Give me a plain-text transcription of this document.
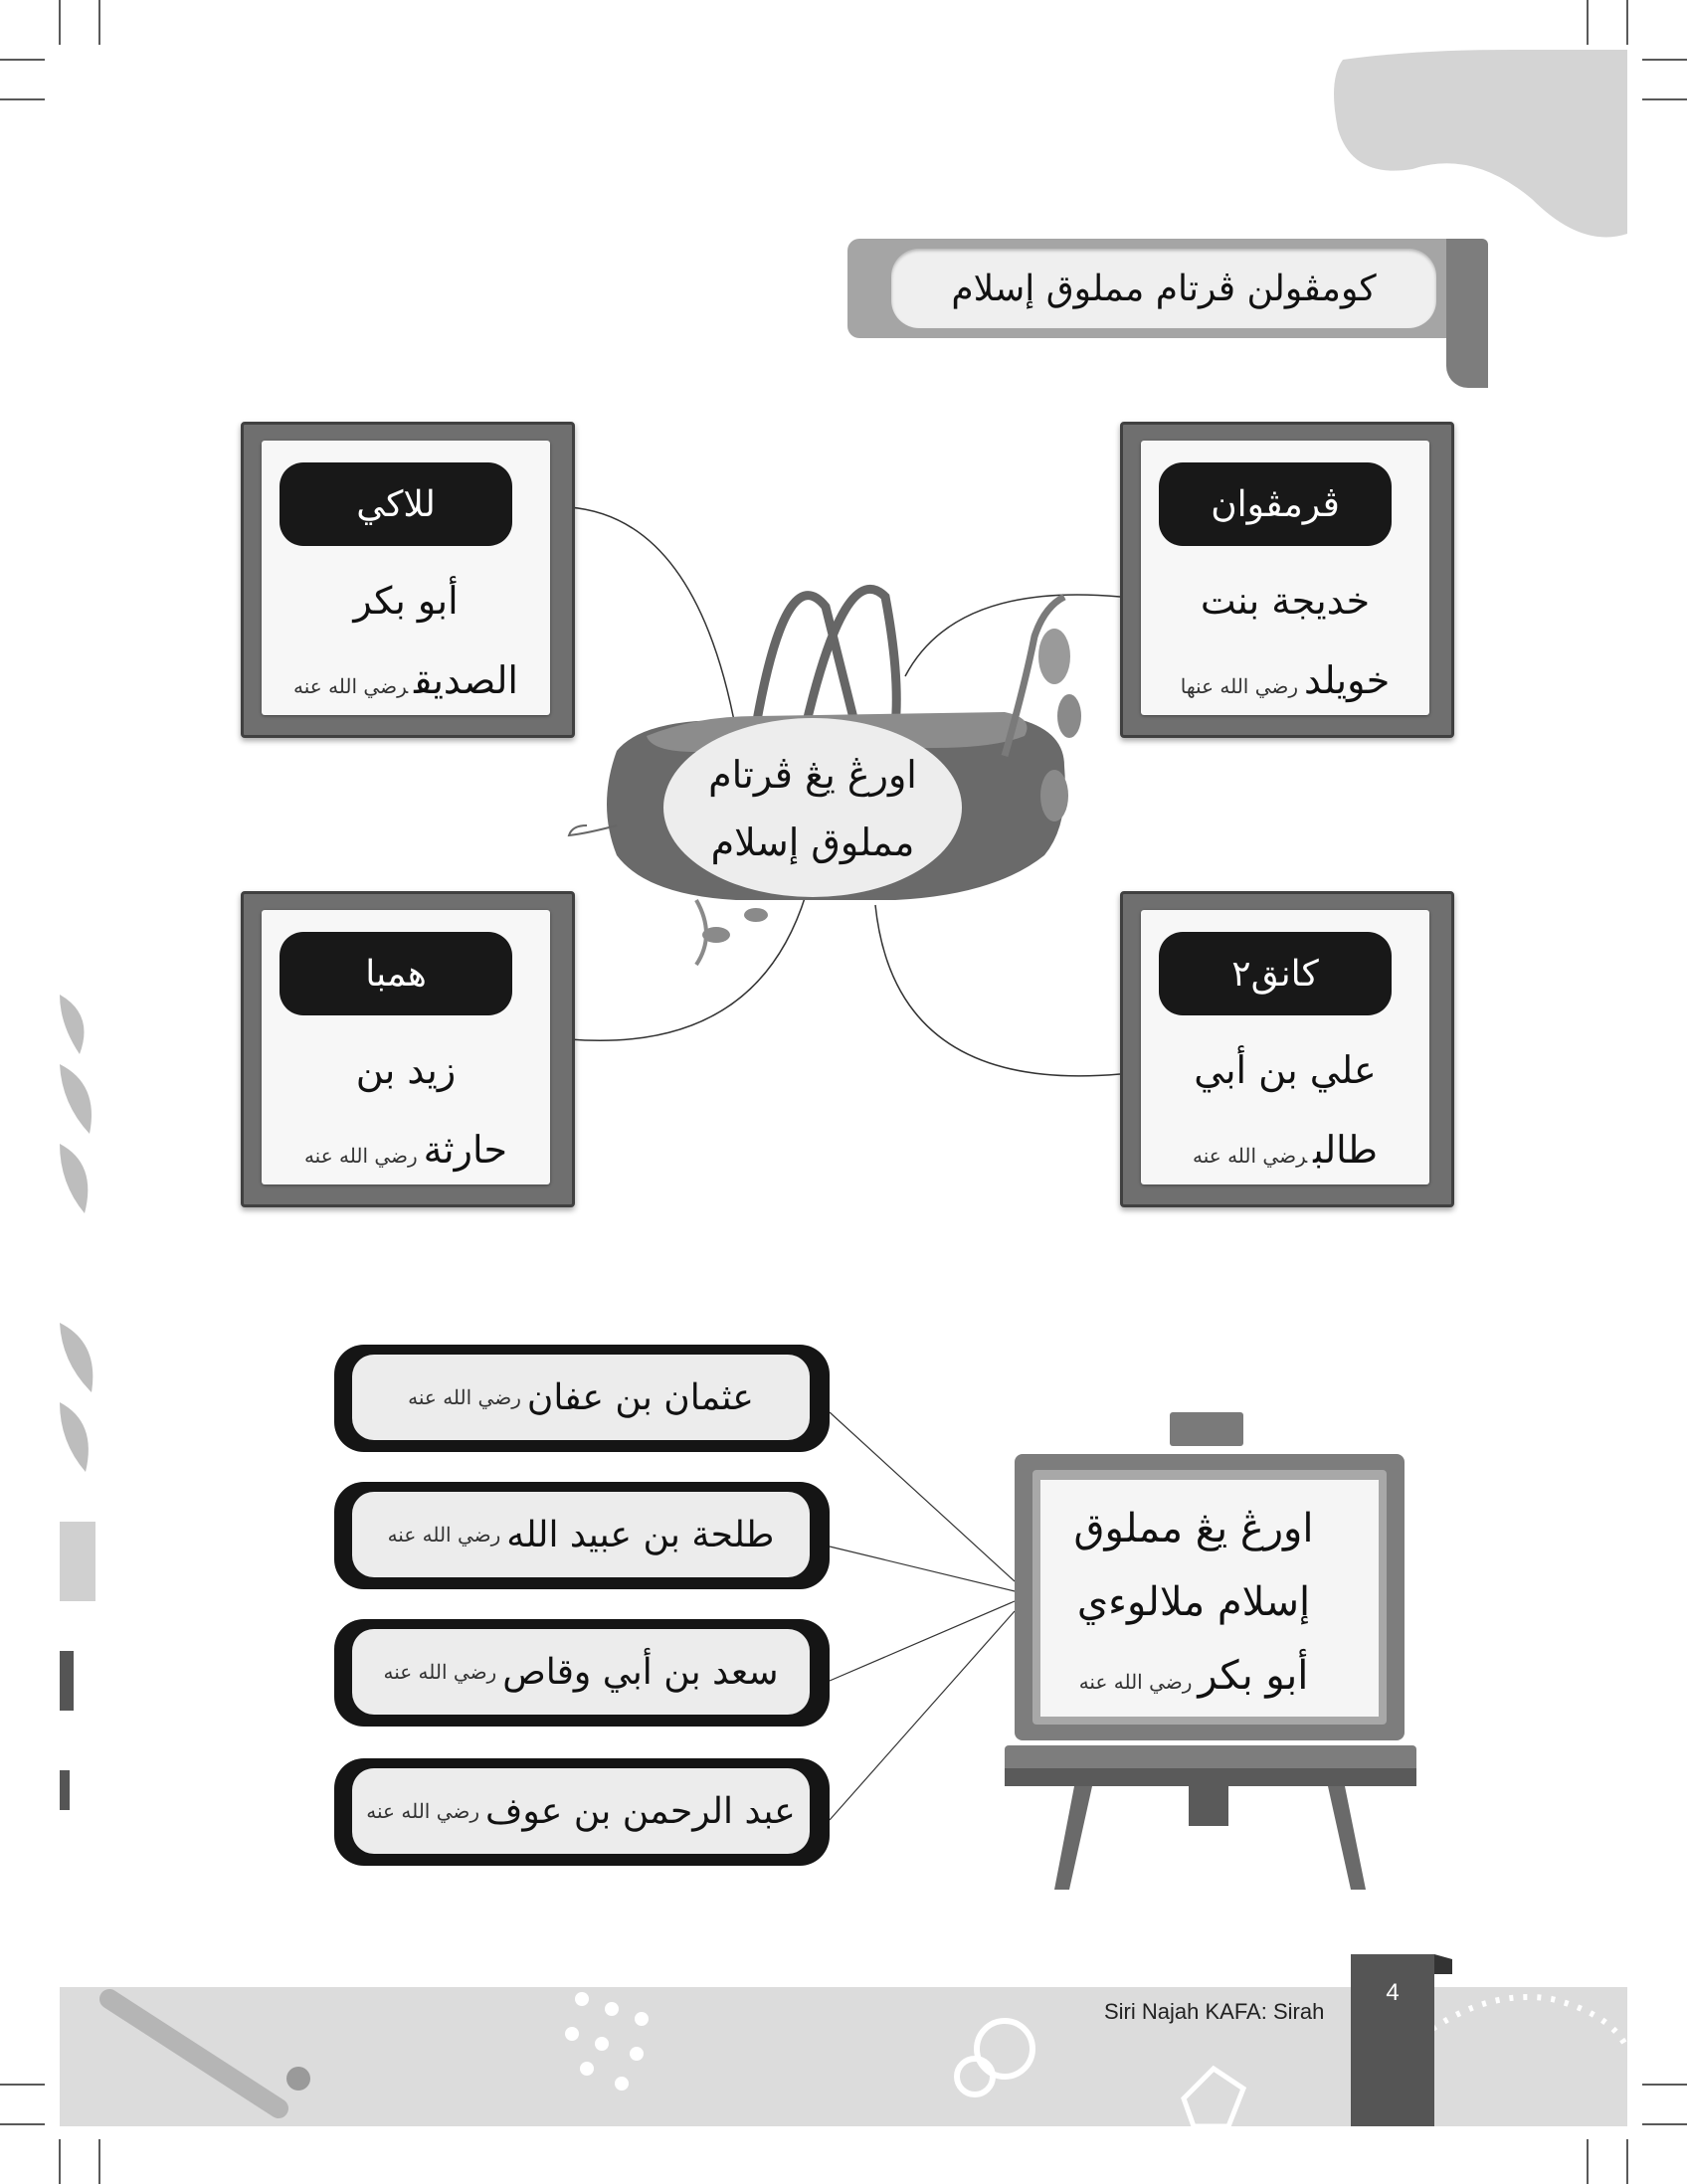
كومڤولن ڤرتام مملوق إسلام
للاكي
أبو بكر
الصديقرضي الله عنه
ڤرمڤوان
خديجة بنت
خويلدرضي الله عنها
همبا
زيد بن
حارثةرضي الله عنه
كانق٢
علي بن أبي
طالبرضي الله عنه
اورڠ يڠ ڤرتام
مملوق إسلام
عثمان بن عفان
رضي الله عنه
طلحة بن عبيد الله
رضي الله عنه
سعد بن أبي وقاص
رضي الله عنه
عبد الرحمن بن عوف
رضي الله عنه
اورڠ يڠ مملوق
إسلام ملالوءي
أبو بكررضي الله عنه
Siri Najah KAFA: Sirah
4
